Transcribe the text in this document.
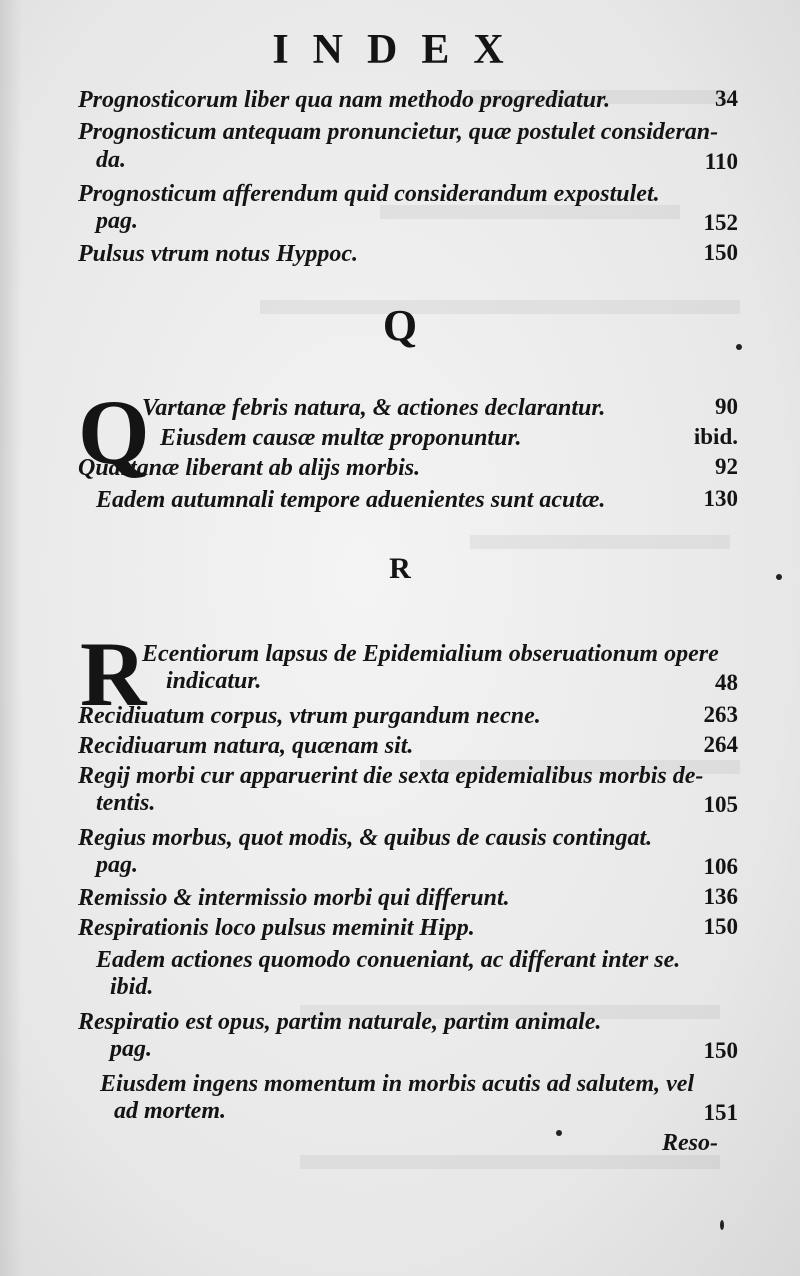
INDEX
Prognosticorum liber qua nam methodo progrediatur.	34
Prognosticum antequam pronuncietur, quæ postulet consideran-
da.	110
Prognosticum afferendum quid considerandum expostulet.
pag.	152
Pulsus vtrum notus Hyppoc.	150
Q
Q
Vartanæ febris natura, & actiones declarantur.	90
Eiusdem causæ multæ proponuntur.	ibid.
Quartanæ liberant ab alijs morbis.	92
Eadem autumnali tempore aduenientes sunt acutæ.	130
R
R
Ecentiorum lapsus de Epidemialium obseruationum opere
indicatur.	48
Recidiuatum corpus, vtrum purgandum necne.	263
Recidiuarum natura, quænam sit.	264
Regij morbi cur apparuerint die sexta epidemialibus morbis de-
tentis.	105
Regius morbus, quot modis, & quibus de causis contingat.
pag.	106
Remissio & intermissio morbi qui differunt.	136
Respirationis loco pulsus meminit Hipp.	150
Eadem actiones quomodo conueniant, ac differant inter se.
ibid.
Respiratio est opus, partim naturale, partim animale.
pag.	150
Eiusdem ingens momentum in morbis acutis ad salutem, vel
ad mortem.	151
Reso-
